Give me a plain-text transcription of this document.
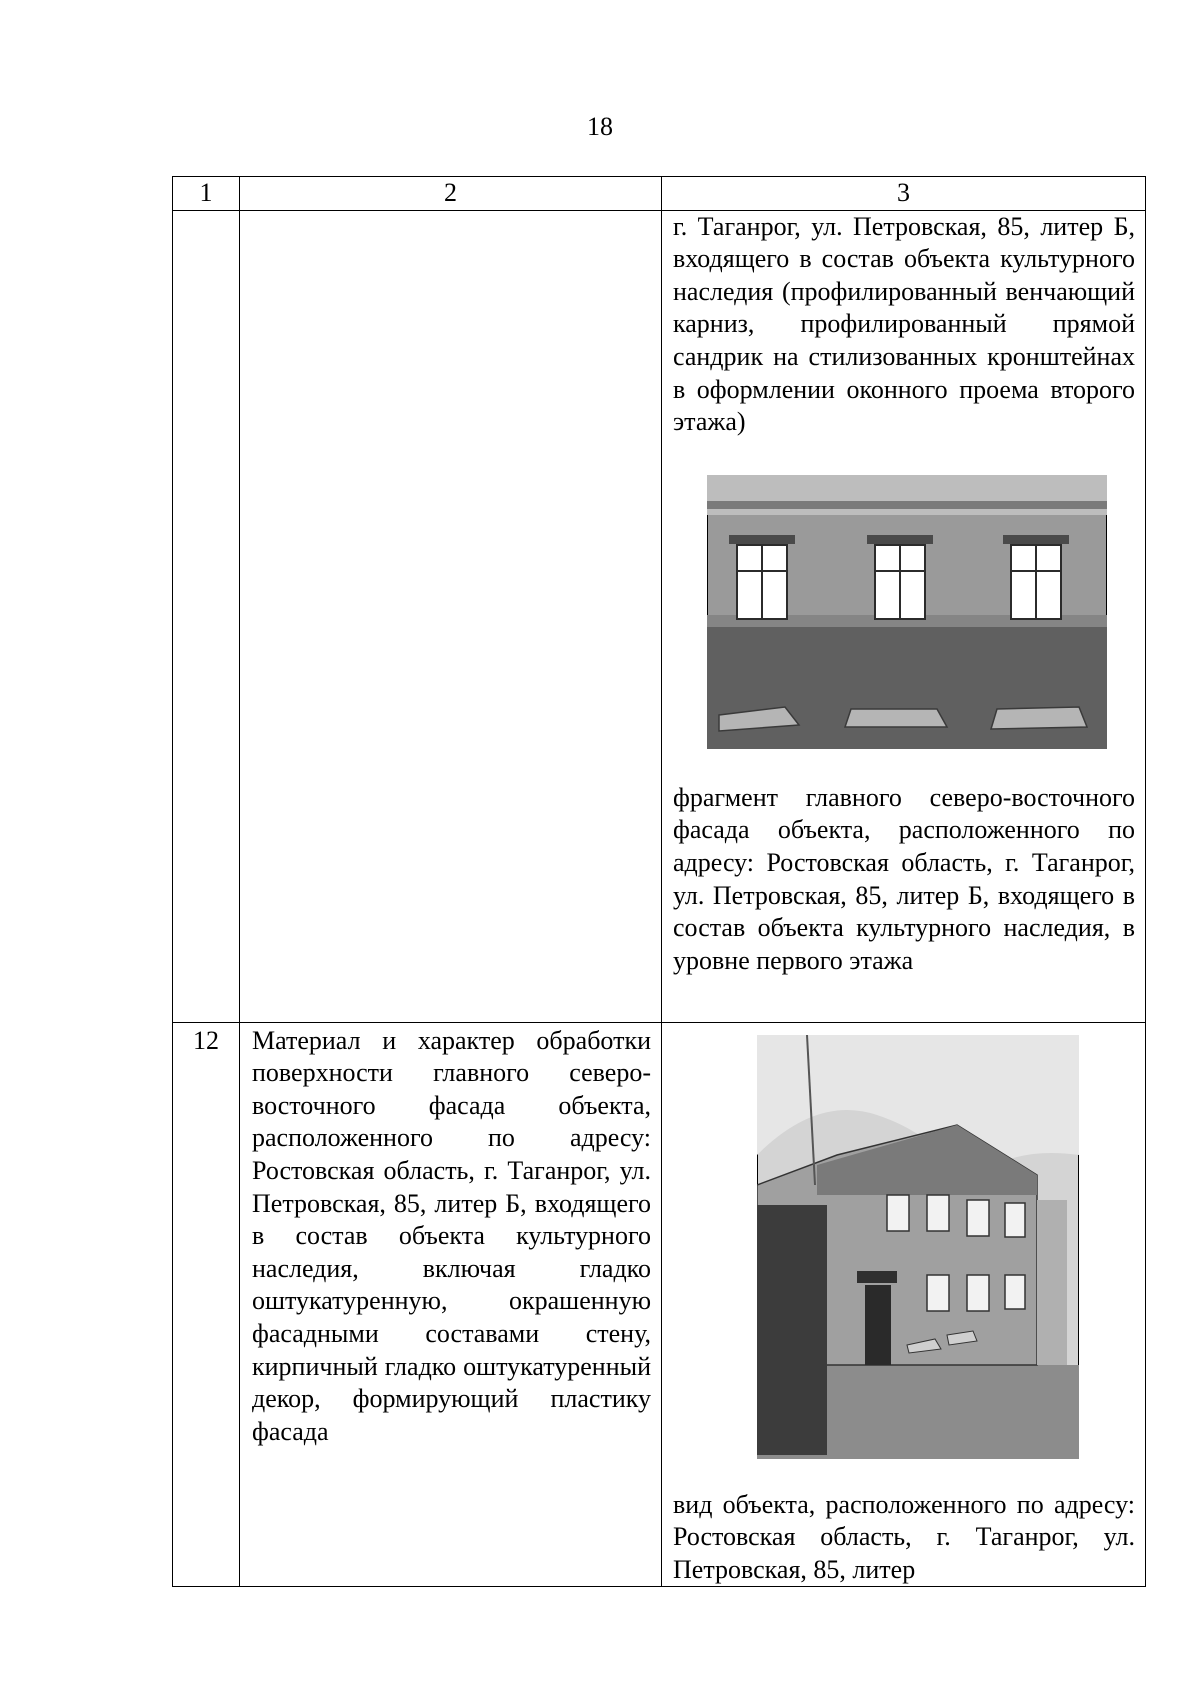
18
1	2	3

		г. Таганрог, ул. Петровская, 85, литер Б, входящего в состав объекта культурного наследия (профилированный венчающий карниз, профилированный прямой сандрик на стилизованных кронштейнах в оформлении оконного проема второго этажа)
фрагмент главного северо-восточного фасада объекта, расположенного по адресу: Ростовская область, г. Таганрог, ул. Петровская, 85, литер Б, входящего в состав объекта культурного наследия, в уровне первого этажа

12	Материал и характер обработки поверхности главного северо-восточного фасада объекта, расположенного по адресу: Ростовская область, г. Таганрог, ул. Петровская, 85, литер Б, входящего в состав объекта культурного наследия, включая гладко оштукатуренную, окрашенную фасадными составами стену, кирпичный гладко оштукатуренный декор, формирующий пластику фасада	вид объекта, расположенного по адресу: Ростовская область, г. Таганрог, ул. Петровская, 85, литер
